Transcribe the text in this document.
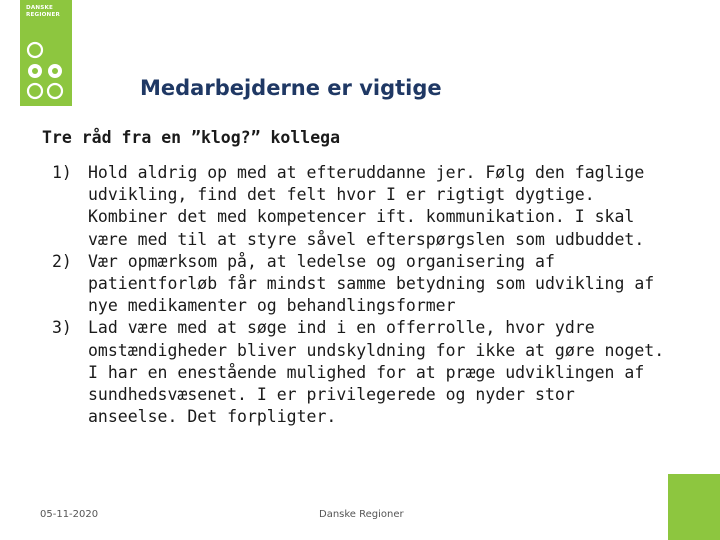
DANSKE
REGIONER
Medarbejderne er vigtige
Tre råd fra en ”klog?” kollega
1) Hold aldrig op med at efteruddanne jer. Følg den faglige udvikling, find det felt hvor I er rigtigt dygtige. Kombiner det med kompetencer ift. kommunikation. I skal være med til at styre såvel efterspørgslen som udbuddet.
2) Vær opmærksom på, at ledelse og organisering af patientforløb får mindst samme betydning som udvikling af nye medikamenter og behandlingsformer
3) Lad være med at søge ind i en offerrolle, hvor ydre omstændigheder bliver undskyldning for ikke at gøre noget. I har en enestående mulighed for at præge udviklingen af sundhedsvæsenet. I er privilegerede og nyder stor anseelse. Det forpligter.
05-11-2020	Danske Regioner
